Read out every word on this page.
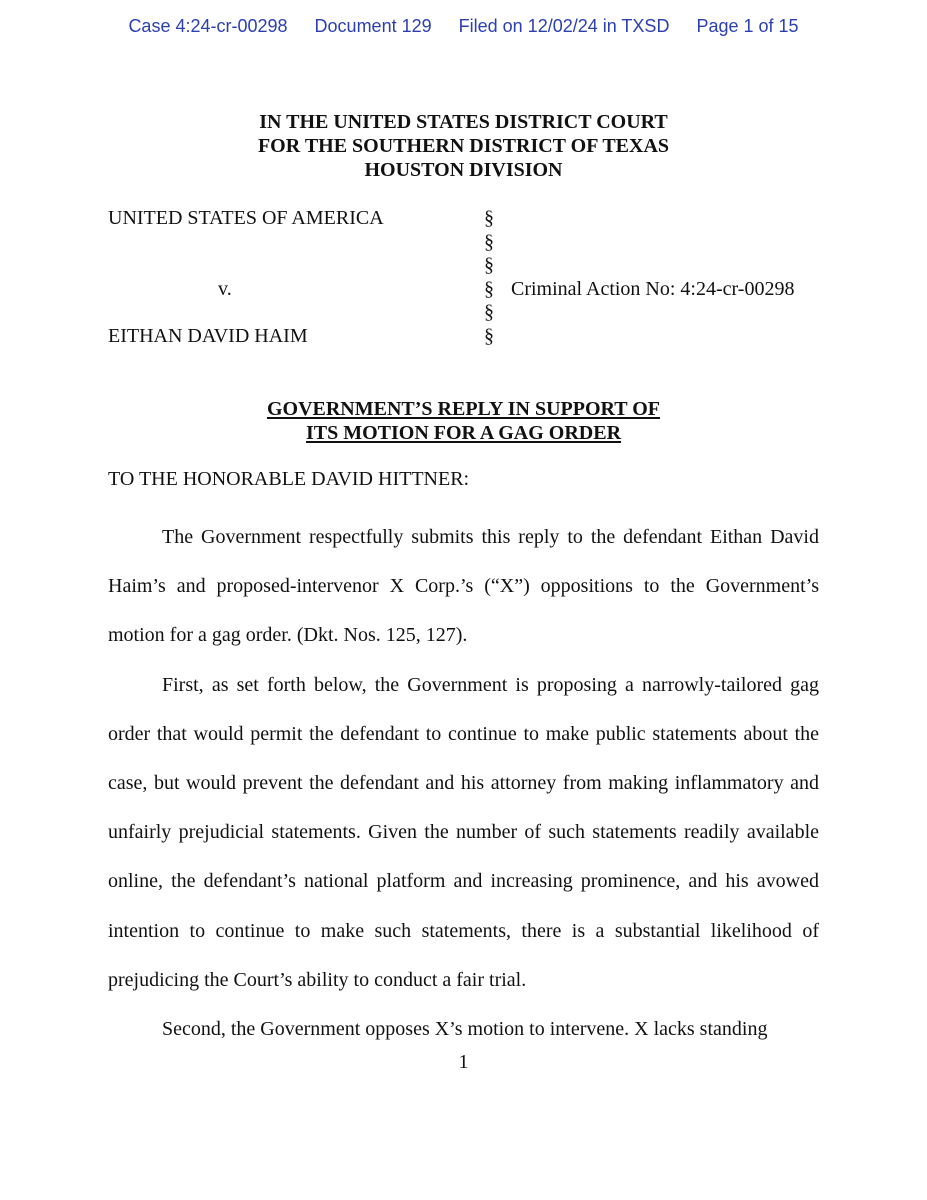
Case 4:24-cr-00298 Document 129 Filed on 12/02/24 in TXSD Page 1 of 15
IN THE UNITED STATES DISTRICT COURT
FOR THE SOUTHERN DISTRICT OF TEXAS
HOUSTON DIVISION
UNITED STATES OF AMERICA
v.
EITHAN DAVID HAIM
§
§
§
§
§
§
Criminal Action No: 4:24-cr-00298
GOVERNMENT’S REPLY IN SUPPORT OF
ITS MOTION FOR A GAG ORDER
TO THE HONORABLE DAVID HITTNER:

The Government respectfully submits this reply to the defendant Eithan David Haim’s and proposed-intervenor X Corp.’s (“X”) oppositions to the Government’s motion for a gag order. (Dkt. Nos. 125, 127).

First, as set forth below, the Government is proposing a narrowly-tailored gag order that would permit the defendant to continue to make public statements about the case, but would prevent the defendant and his attorney from making inflammatory and unfairly prejudicial statements. Given the number of such statements readily available online, the defendant’s national platform and increasing prominence, and his avowed intention to continue to make such statements, there is a substantial likelihood of prejudicing the Court’s ability to conduct a fair trial.

Second, the Government opposes X’s motion to intervene. X lacks standing

1
